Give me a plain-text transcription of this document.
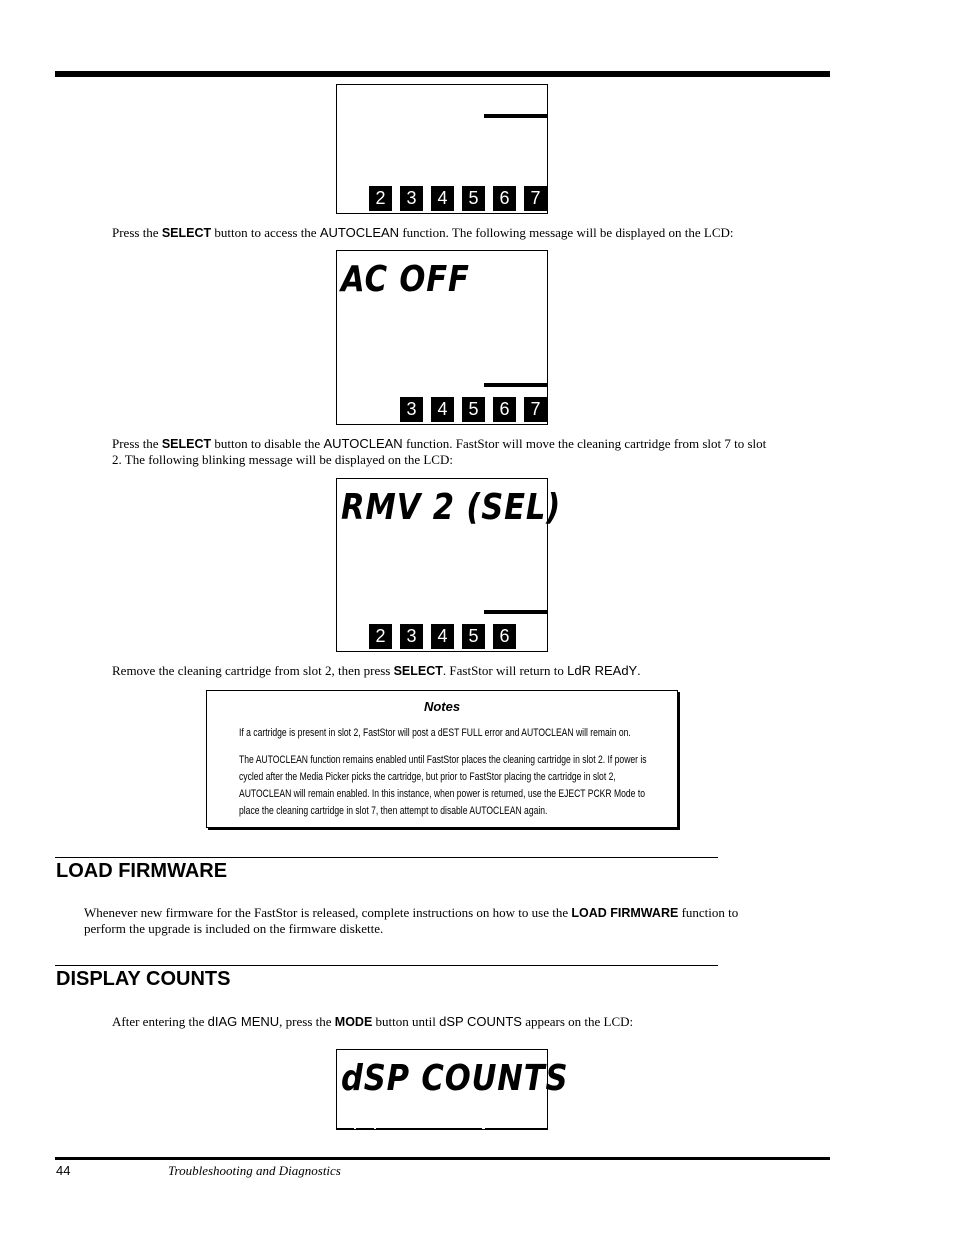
2	3	4	5	6	7
Press the SELECT button to access the AUTOCLEAN function. The following message will be displayed on the LCD:
AC OFF
3	4	5	6	7
Press the SELECT button to disable the AUTOCLEAN function. FastStor will move the cleaning cartridge from slot 7 to slot
2. The following blinking message will be displayed on the LCD:
RMV 2 (SEL)
2	3	4	5	6
Remove the cleaning cartridge from slot 2, then press SELECT. FastStor will return to LdR REAdY.
Notes
If a cartridge is present in slot 2, FastStor will post a dEST FULL error and AUTOCLEAN will remain on.
The AUTOCLEAN function remains enabled until FastStor places the cleaning cartridge in slot 2. If power is cycled after the Media Picker picks the cartridge, but prior to FastStor placing the cartridge in slot 2, AUTOCLEAN will remain enabled. In this instance, when power is returned, use the EJECT PCKR Mode to place the cleaning cartridge in slot 7, then attempt to disable AUTOCLEAN again.
LOAD FIRMWARE
Whenever new firmware for the FastStor is released, complete instructions on how to use the LOAD FIRMWARE function to
perform the upgrade is included on the firmware diskette.
DISPLAY COUNTS
After entering the dIAG MENU, press the MODE button until dSP COUNTS appears on the LCD:
dSP COUNTS
44	Troubleshooting and Diagnostics
